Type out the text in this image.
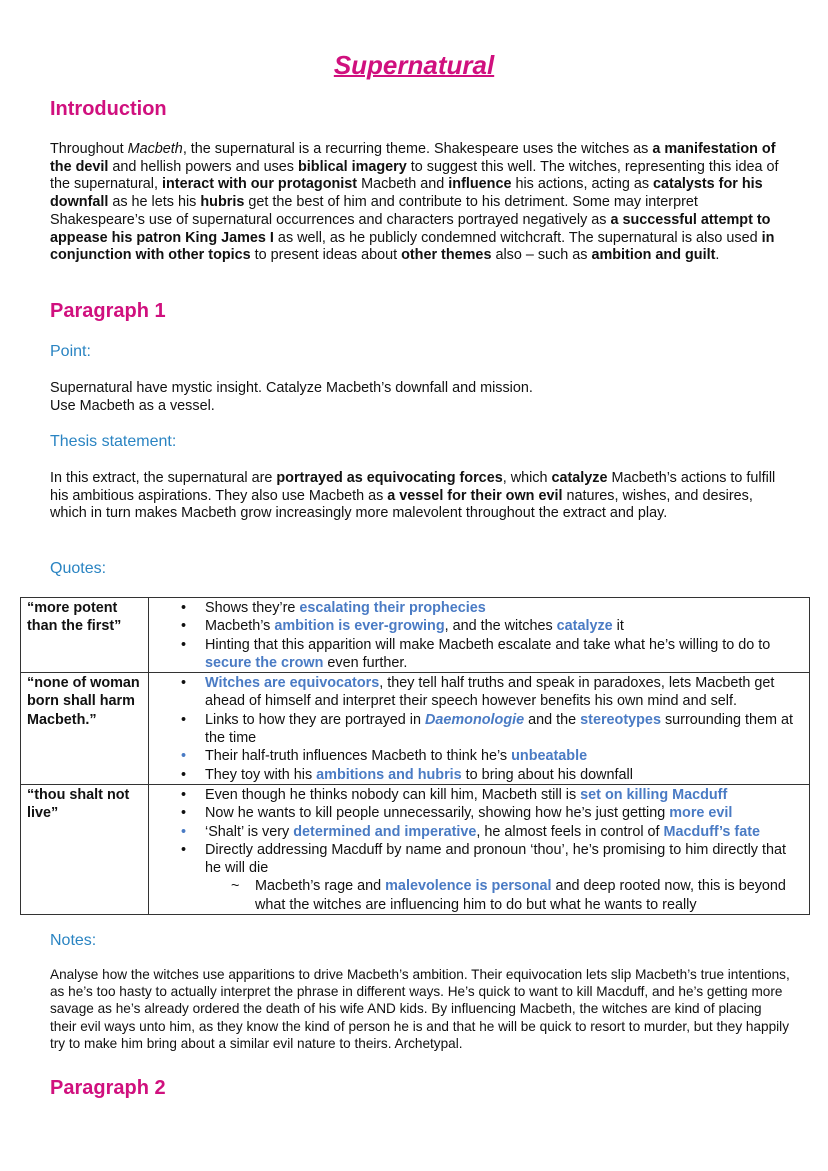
Supernatural
Introduction
Throughout Macbeth, the supernatural is a recurring theme. Shakespeare uses the witches as a manifestation of the devil and hellish powers and uses biblical imagery to suggest this well. The witches, representing this idea of the supernatural, interact with our protagonist Macbeth and influence his actions, acting as catalysts for his downfall as he lets his hubris get the best of him and contribute to his detriment. Some may interpret Shakespeare’s use of supernatural occurrences and characters portrayed negatively as a successful attempt to appease his patron King James I as well, as he publicly condemned witchcraft. The supernatural is also used in conjunction with other topics to present ideas about other themes also – such as ambition and guilt.
Paragraph 1
Point:
Supernatural have mystic insight. Catalyze Macbeth’s downfall and mission.
Use Macbeth as a vessel.
Thesis statement:
In this extract, the supernatural are portrayed as equivocating forces, which catalyze Macbeth’s actions to fulfill his ambitious aspirations. They also use Macbeth as a vessel for their own evil natures, wishes, and desires, which in turn makes Macbeth grow increasingly more malevolent throughout the extract and play.
Quotes:
“more potent than the first”	
• Shows they’re escalating their prophecies
• Macbeth’s ambition is ever-growing, and the witches catalyze it
• Hinting that this apparition will make Macbeth escalate and take what he’s willing to do to secure the crown even further.

“none of woman born shall harm Macbeth.”	
• Witches are equivocators, they tell half truths and speak in paradoxes, lets Macbeth get ahead of himself and interpret their speech however benefits his own mind and self.
• Links to how they are portrayed in Daemonologie and the stereotypes surrounding them at the time
• Their half-truth influences Macbeth to think he’s unbeatable
• They toy with his ambitions and hubris to bring about his downfall

“thou shalt not live”	
• Even though he thinks nobody can kill him, Macbeth still is set on killing Macduff
• Now he wants to kill people unnecessarily, showing how he’s just getting more evil
• ‘Shalt’ is very determined and imperative, he almost feels in control of Macduff’s fate
• Directly addressing Macduff by name and pronoun ‘thou’, he’s promising to him directly that he will die
~ Macbeth’s rage and malevolence is personal and deep rooted now, this is beyond what the witches are influencing him to do but what he wants to really
Notes:
Analyse how the witches use apparitions to drive Macbeth’s ambition. Their equivocation lets slip Macbeth’s true intentions, as he’s too hasty to actually interpret the phrase in different ways. He’s quick to want to kill Macduff, and he’s getting more savage as he’s already ordered the death of his wife AND kids. By influencing Macbeth, the witches are kind of placing their evil ways unto him, as they know the kind of person he is and that he will be quick to resort to murder, but they happily try to make him bring about a similar evil nature to theirs. Archetypal.
Paragraph 2
